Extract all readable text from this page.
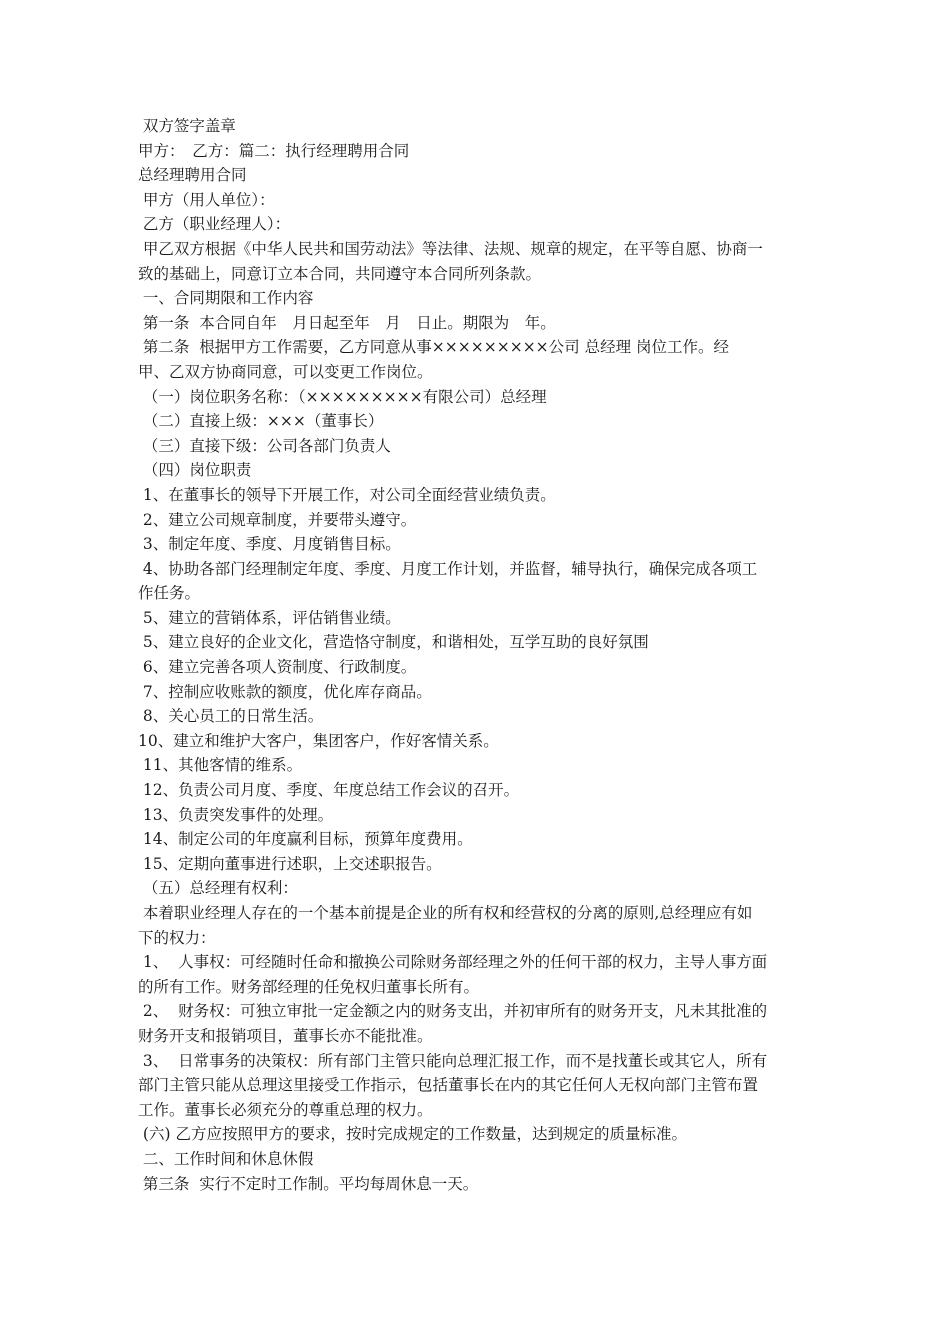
双方签字盖章
甲方：　乙方：篇二：执行经理聘用合同
总经理聘用合同
甲方（用人单位）：
乙方（职业经理人）：
甲乙双方根据《中华人民共和国劳动法》等法律、法规、规章的规定，在平等自愿、协商一
致的基础上，同意订立本合同，共同遵守本合同所列条款。
一、合同期限和工作内容
第一条  本合同自年　月日起至年　月　日止。期限为　年。
第二条  根据甲方工作需要，乙方同意从事×××××××××公司 总经理 岗位工作。经
甲、乙双方协商同意，可以变更工作岗位。
（一）岗位职务名称：（×××××××××有限公司）总经理
（二）直接上级：×××（董事长）
（三）直接下级：公司各部门负责人
（四）岗位职责
1、在董事长的领导下开展工作，对公司全面经营业绩负责。
2、建立公司规章制度，并要带头遵守。
3、制定年度、季度、月度销售目标。
4、协助各部门经理制定年度、季度、月度工作计划，并监督，辅导执行，确保完成各项工
作任务。
5、建立的营销体系，评估销售业绩。
5、建立良好的企业文化，营造恪守制度，和谐相处，互学互助的良好氛围
6、建立完善各项人资制度、行政制度。
7、控制应收账款的额度，优化库存商品。
8、关心员工的日常生活。
10、建立和维护大客户，集团客户，作好客情关系。
11、其他客情的维系。
12、负责公司月度、季度、年度总结工作会议的召开。
13、负责突发事件的处理。
14、制定公司的年度赢利目标，预算年度费用。
15、定期向董事进行述职，上交述职报告。
（五）总经理有权利：
本着职业经理人存在的一个基本前提是企业的所有权和经营权的分离的原则,总经理应有如
下的权力：
1、  人事权：可经随时任命和撤换公司除财务部经理之外的任何干部的权力，主导人事方面
的所有工作。财务部经理的任免权归董事长所有。
2、  财务权：可独立审批一定金额之内的财务支出，并初审所有的财务开支，凡未其批准的
财务开支和报销项目，董事长亦不能批准。
3、  日常事务的决策权：所有部门主管只能向总理汇报工作，而不是找董长或其它人，所有
部门主管只能从总理这里接受工作指示，包括董事长在内的其它任何人无权向部门主管布置
工作。董事长必须充分的尊重总理的权力。
(六) 乙方应按照甲方的要求，按时完成规定的工作数量，达到规定的质量标准。
二、工作时间和休息休假
第三条  实行不定时工作制。平均每周休息一天。
